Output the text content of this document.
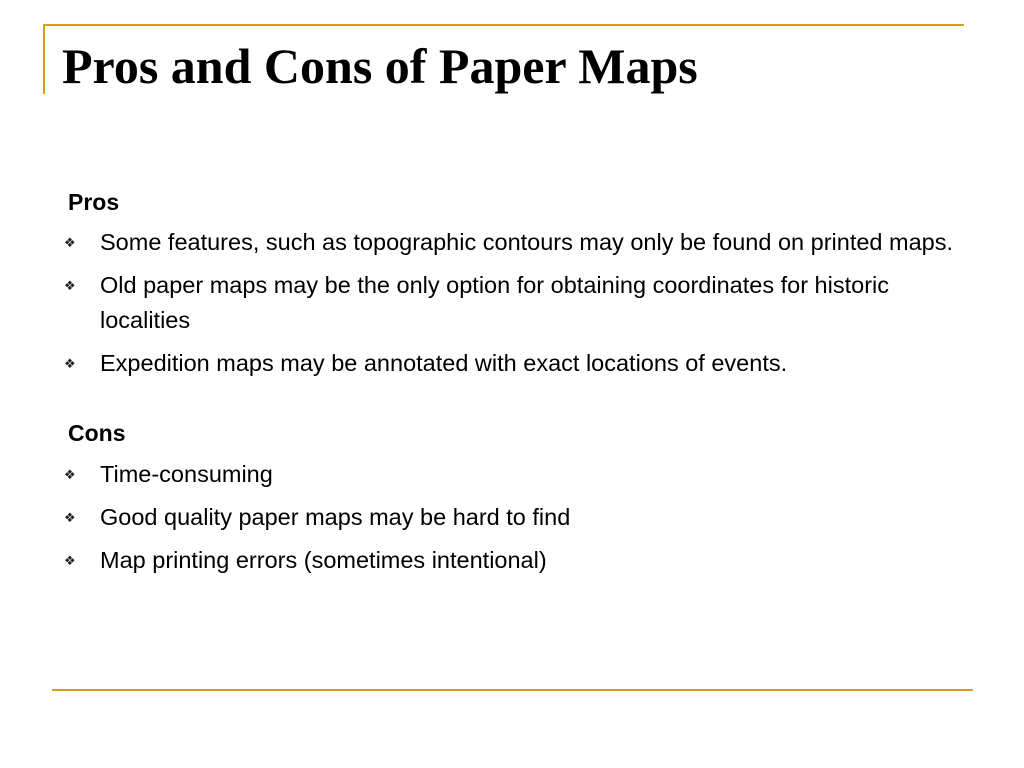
Pros and Cons of Paper Maps
Pros
❖ Some features, such as topographic contours may only be found on printed maps.
❖ Old paper maps may be the only option for obtaining coordinates for historic localities
❖ Expedition maps may be annotated with exact locations of events.
Cons
❖ Time-consuming
❖ Good quality paper maps may be hard to find
❖ Map printing errors (sometimes intentional)
